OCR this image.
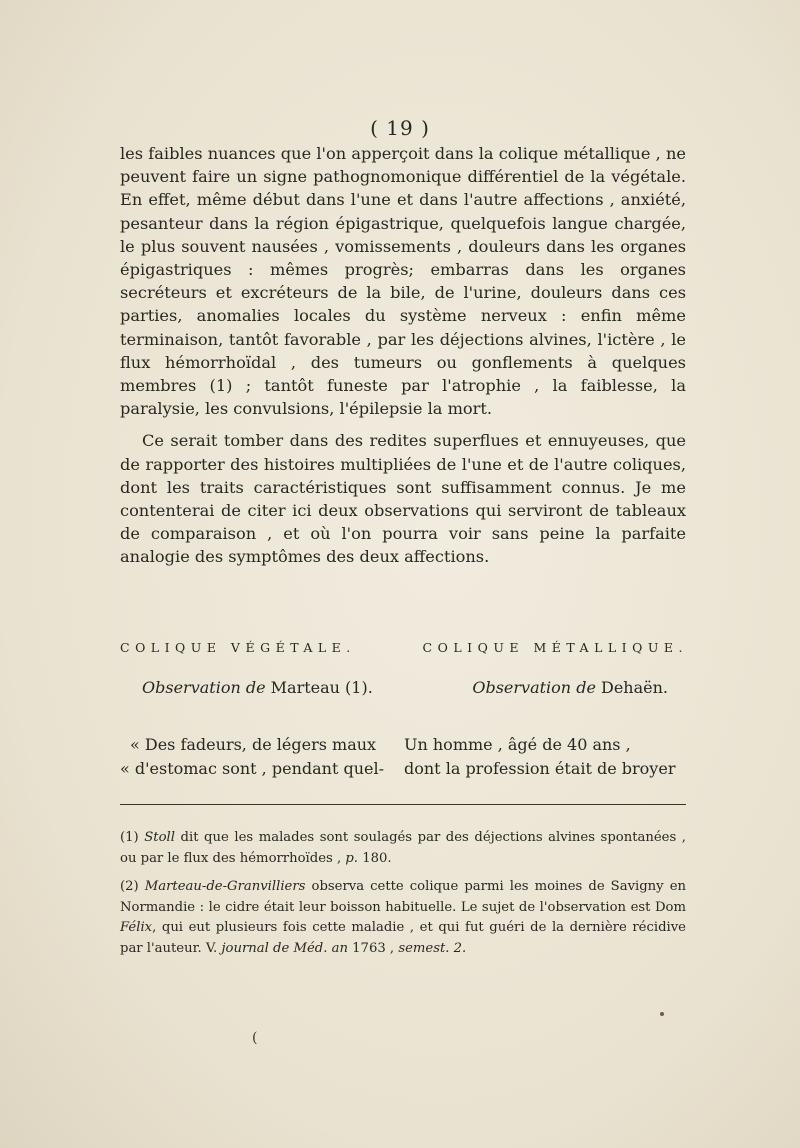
( 19 )

les faibles nuances que l'on apperçoit dans la colique métallique , ne peuvent faire un signe pathognomonique différentiel de la végétale. En effet, même début dans l'une et dans l'autre affections , anxiété, pesanteur dans la région épigastrique, quelquefois langue chargée, le plus souvent nausées , vomissements , douleurs dans les organes épigastriques : mêmes progrès; embarras dans les organes secréteurs et excréteurs de la bile, de l'urine, douleurs dans ces parties, anomalies locales du système nerveux : enfin même terminaison, tantôt favorable , par les déjections alvines, l'ictère , le flux hémorrhoïdal , des tumeurs ou gonflements à quelques membres (1) ; tantôt funeste par l'atrophie , la faiblesse, la paralysie, les convulsions, l'épilepsie la mort.

Ce serait tomber dans des redites superflues et ennuyeuses, que de rapporter des histoires multipliées de l'une et de l'autre coliques, dont les traits caractéristiques sont suffisamment connus. Je me contenterai de citer ici deux observations qui serviront de tableaux de comparaison , et où l'on pourra voir sans peine la parfaite analogie des symptômes des deux affections.

COLIQUE VÉGÉTALE.	COLIQUE MÉTALLIQUE.
Observation de Marteau (1).	Observation de Dehaën.
« Des fadeurs, de légers maux
« d'estomac sont , pendant quel-
Un homme , âgé de 40 ans ,
dont la profession était de broyer

(1) Stoll dit que les malades sont soulagés par des déjections alvines spontanées , ou par le flux des hémorrhoïdes , p. 180.

(2) Marteau-de-Granvilliers observa cette colique parmi les moines de Savigny en Normandie : le cidre était leur boisson habituelle. Le sujet de l'observation est Dom Félix, qui eut plusieurs fois cette maladie , et qui fut guéri de la dernière récidive par l'auteur. V. journal de Méd. an 1763 , semest. 2.

(
